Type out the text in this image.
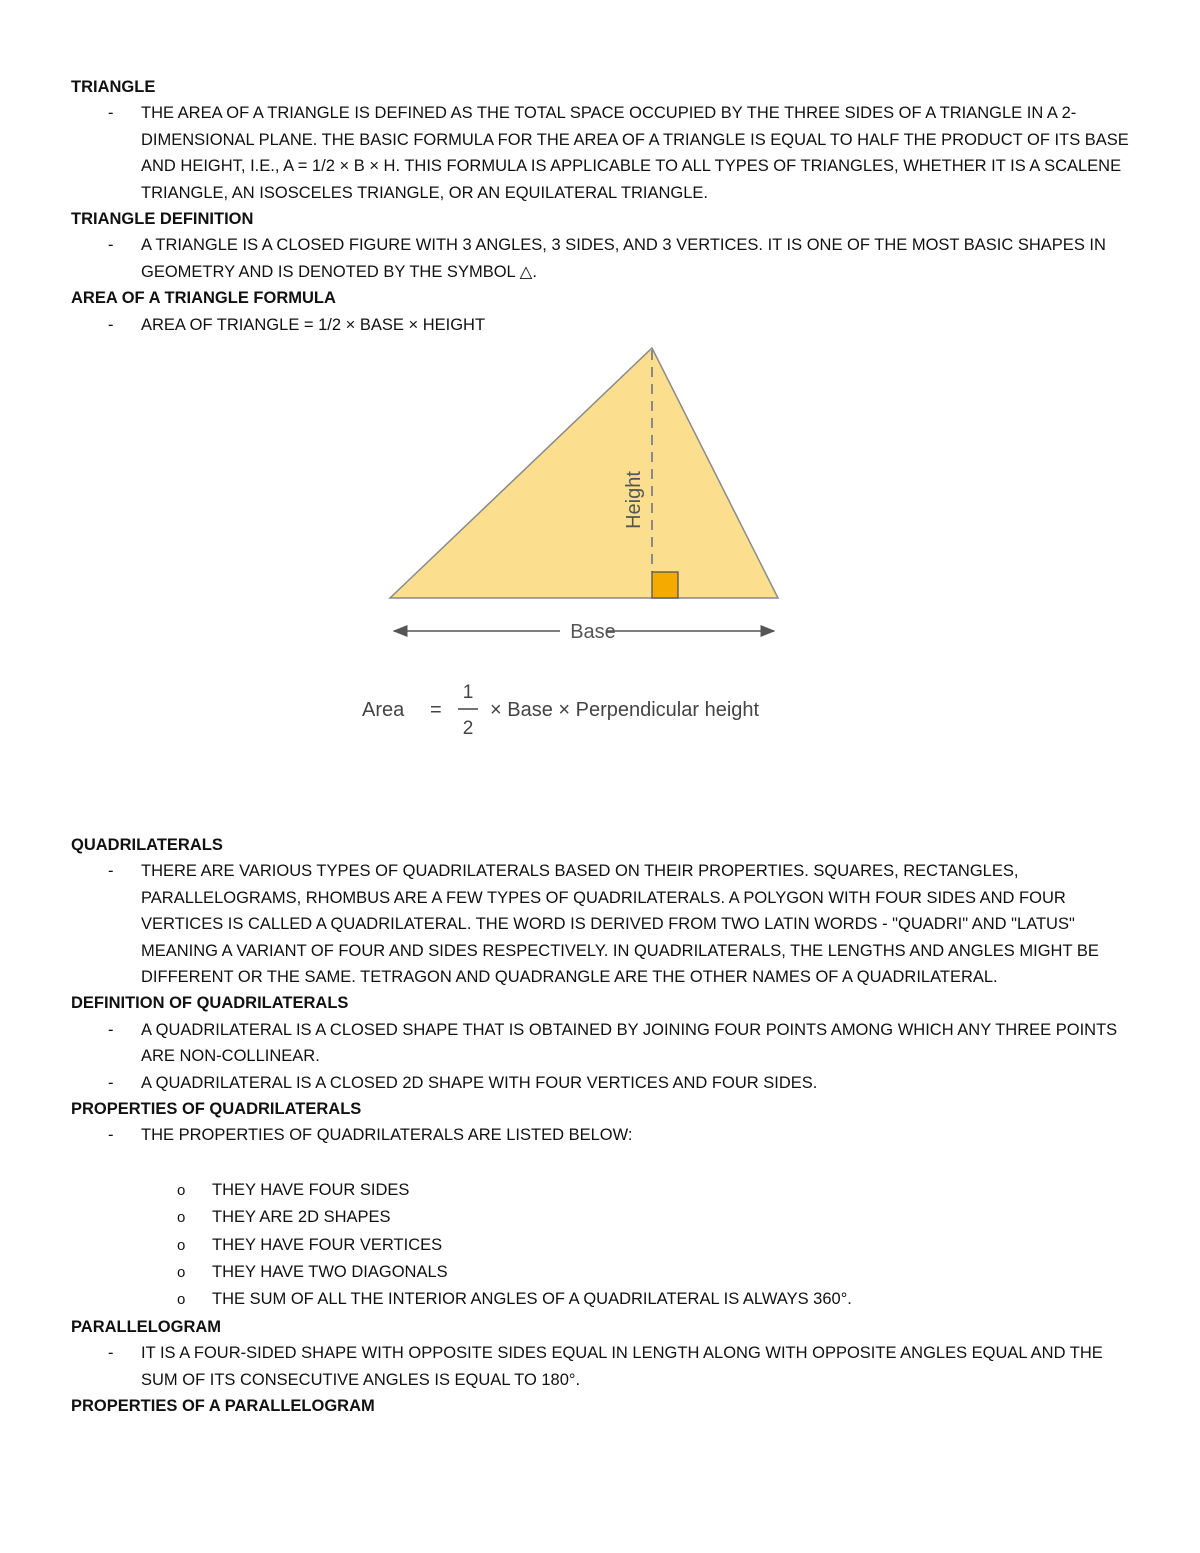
TRIANGLE
- THE AREA OF A TRIANGLE IS DEFINED AS THE TOTAL SPACE OCCUPIED BY THE THREE SIDES OF A TRIANGLE IN A 2-DIMENSIONAL PLANE. THE BASIC FORMULA FOR THE AREA OF A TRIANGLE IS EQUAL TO HALF THE PRODUCT OF ITS BASE AND HEIGHT, I.E., A = 1/2 × B × H. THIS FORMULA IS APPLICABLE TO ALL TYPES OF TRIANGLES, WHETHER IT IS A SCALENE TRIANGLE, AN ISOSCELES TRIANGLE, OR AN EQUILATERAL TRIANGLE.
TRIANGLE DEFINITION
- A TRIANGLE IS A CLOSED FIGURE WITH 3 ANGLES, 3 SIDES, AND 3 VERTICES. IT IS ONE OF THE MOST BASIC SHAPES IN GEOMETRY AND IS DENOTED BY THE SYMBOL △.
AREA OF A TRIANGLE FORMULA
- AREA OF TRIANGLE = 1/2 × BASE × HEIGHT
QUADRILATERALS
- THERE ARE VARIOUS TYPES OF QUADRILATERALS BASED ON THEIR PROPERTIES. SQUARES, RECTANGLES, PARALLELOGRAMS, RHOMBUS ARE A FEW TYPES OF QUADRILATERALS. A POLYGON WITH FOUR SIDES AND FOUR VERTICES IS CALLED A QUADRILATERAL. THE WORD IS DERIVED FROM TWO LATIN WORDS - "QUADRI" AND "LATUS" MEANING A VARIANT OF FOUR AND SIDES RESPECTIVELY. IN QUADRILATERALS, THE LENGTHS AND ANGLES MIGHT BE DIFFERENT OR THE SAME. TETRAGON AND QUADRANGLE ARE THE OTHER NAMES OF A QUADRILATERAL.
DEFINITION OF QUADRILATERALS
- A QUADRILATERAL IS A CLOSED SHAPE THAT IS OBTAINED BY JOINING FOUR POINTS AMONG WHICH ANY THREE POINTS ARE NON-COLLINEAR.
- A QUADRILATERAL IS A CLOSED 2D SHAPE WITH FOUR VERTICES AND FOUR SIDES.
PROPERTIES OF QUADRILATERALS
- THE PROPERTIES OF QUADRILATERALS ARE LISTED BELOW:
o THEY HAVE FOUR SIDES
o THEY ARE 2D SHAPES
o THEY HAVE FOUR VERTICES
o THEY HAVE TWO DIAGONALS
o THE SUM OF ALL THE INTERIOR ANGLES OF A QUADRILATERAL IS ALWAYS 360°.
PARALLELOGRAM
- IT IS A FOUR-SIDED SHAPE WITH OPPOSITE SIDES EQUAL IN LENGTH ALONG WITH OPPOSITE ANGLES EQUAL AND THE SUM OF ITS CONSECUTIVE ANGLES IS EQUAL TO 180°.
PROPERTIES OF A PARALLELOGRAM
Height
Base
Area =
1
2
× Base × Perpendicular height
